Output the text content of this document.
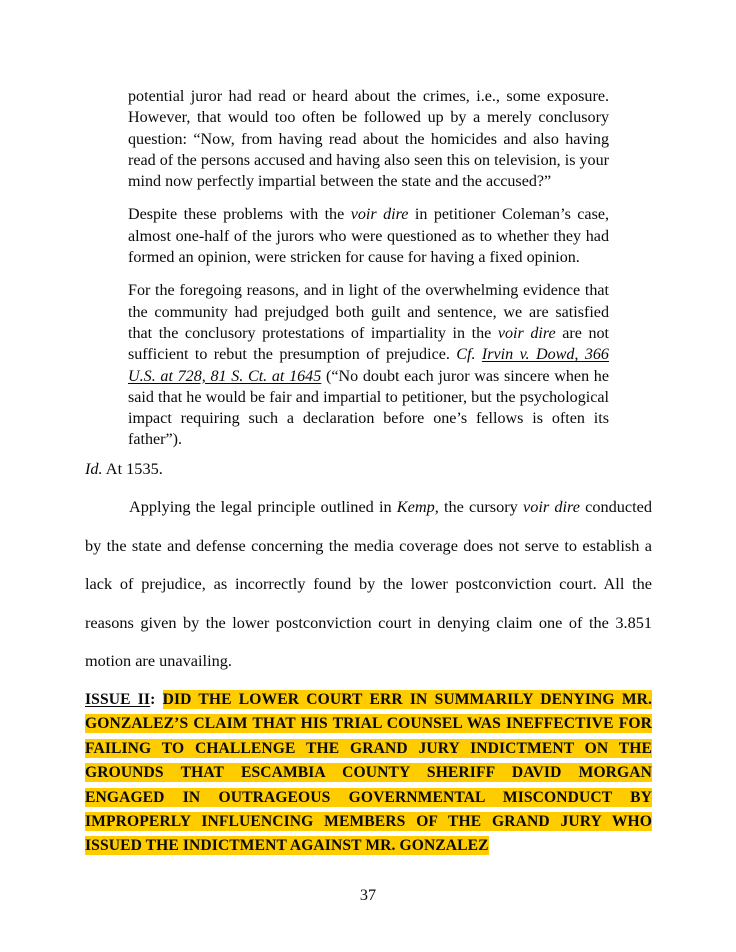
potential juror had read or heard about the crimes, i.e., some exposure. However, that would too often be followed up by a merely conclusory question: “Now, from having read about the homicides and also having read of the persons accused and having also seen this on television, is your mind now perfectly impartial between the state and the accused?”

Despite these problems with the voir dire in petitioner Coleman’s case, almost one-half of the jurors who were questioned as to whether they had formed an opinion, were stricken for cause for having a fixed opinion.

For the foregoing reasons, and in light of the overwhelming evidence that the community had prejudged both guilt and sentence, we are satisfied that the conclusory protestations of impartiality in the voir dire are not sufficient to rebut the presumption of prejudice. Cf. Irvin v. Dowd, 366 U.S. at 728, 81 S. Ct. at 1645 (“No doubt each juror was sincere when he said that he would be fair and impartial to petitioner, but the psychological impact requiring such a declaration before one’s fellows is often its father”).

Id. At 1535.

Applying the legal principle outlined in Kemp, the cursory voir dire conducted by the state and defense concerning the media coverage does not serve to establish a lack of prejudice, as incorrectly found by the lower postconviction court. All the reasons given by the lower postconviction court in denying claim one of the 3.851 motion are unavailing.

ISSUE II: DID THE LOWER COURT ERR IN SUMMARILY DENYING MR. GONZALEZ’S CLAIM THAT HIS TRIAL COUNSEL WAS INEFFECTIVE FOR FAILING TO CHALLENGE THE GRAND JURY INDICTMENT ON THE GROUNDS THAT ESCAMBIA COUNTY SHERIFF DAVID MORGAN ENGAGED IN OUTRAGEOUS GOVERNMENTAL MISCONDUCT BY IMPROPERLY INFLUENCING MEMBERS OF THE GRAND JURY WHO ISSUED THE INDICTMENT AGAINST MR. GONZALEZ

37
